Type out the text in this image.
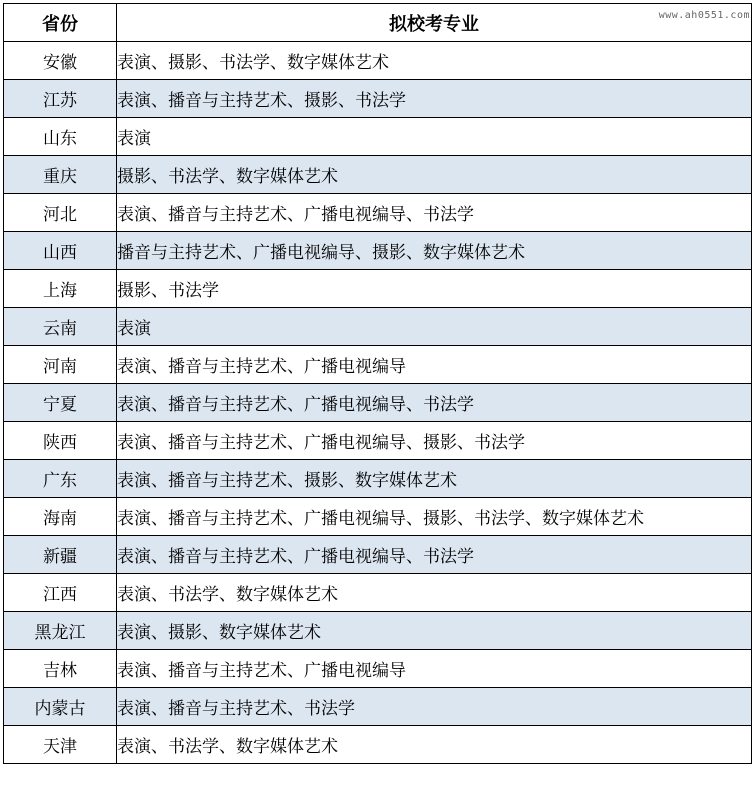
省份	拟校考专业
安徽	表演、摄影、书法学、数字媒体艺术
江苏	表演、播音与主持艺术、摄影、书法学
山东	表演
重庆	摄影、书法学、数字媒体艺术
河北	表演、播音与主持艺术、广播电视编导、书法学
山西	播音与主持艺术、广播电视编导、摄影、数字媒体艺术
上海	摄影、书法学
云南	表演
河南	表演、播音与主持艺术、广播电视编导
宁夏	表演、播音与主持艺术、广播电视编导、书法学
陕西	表演、播音与主持艺术、广播电视编导、摄影、书法学
广东	表演、播音与主持艺术、摄影、数字媒体艺术
海南	表演、播音与主持艺术、广播电视编导、摄影、书法学、数字媒体艺术
新疆	表演、播音与主持艺术、广播电视编导、书法学
江西	表演、书法学、数字媒体艺术
黑龙江	表演、摄影、数字媒体艺术
吉林	表演、播音与主持艺术、广播电视编导
内蒙古	表演、播音与主持艺术、书法学
天津	表演、书法学、数字媒体艺术
www.ah0551.com
